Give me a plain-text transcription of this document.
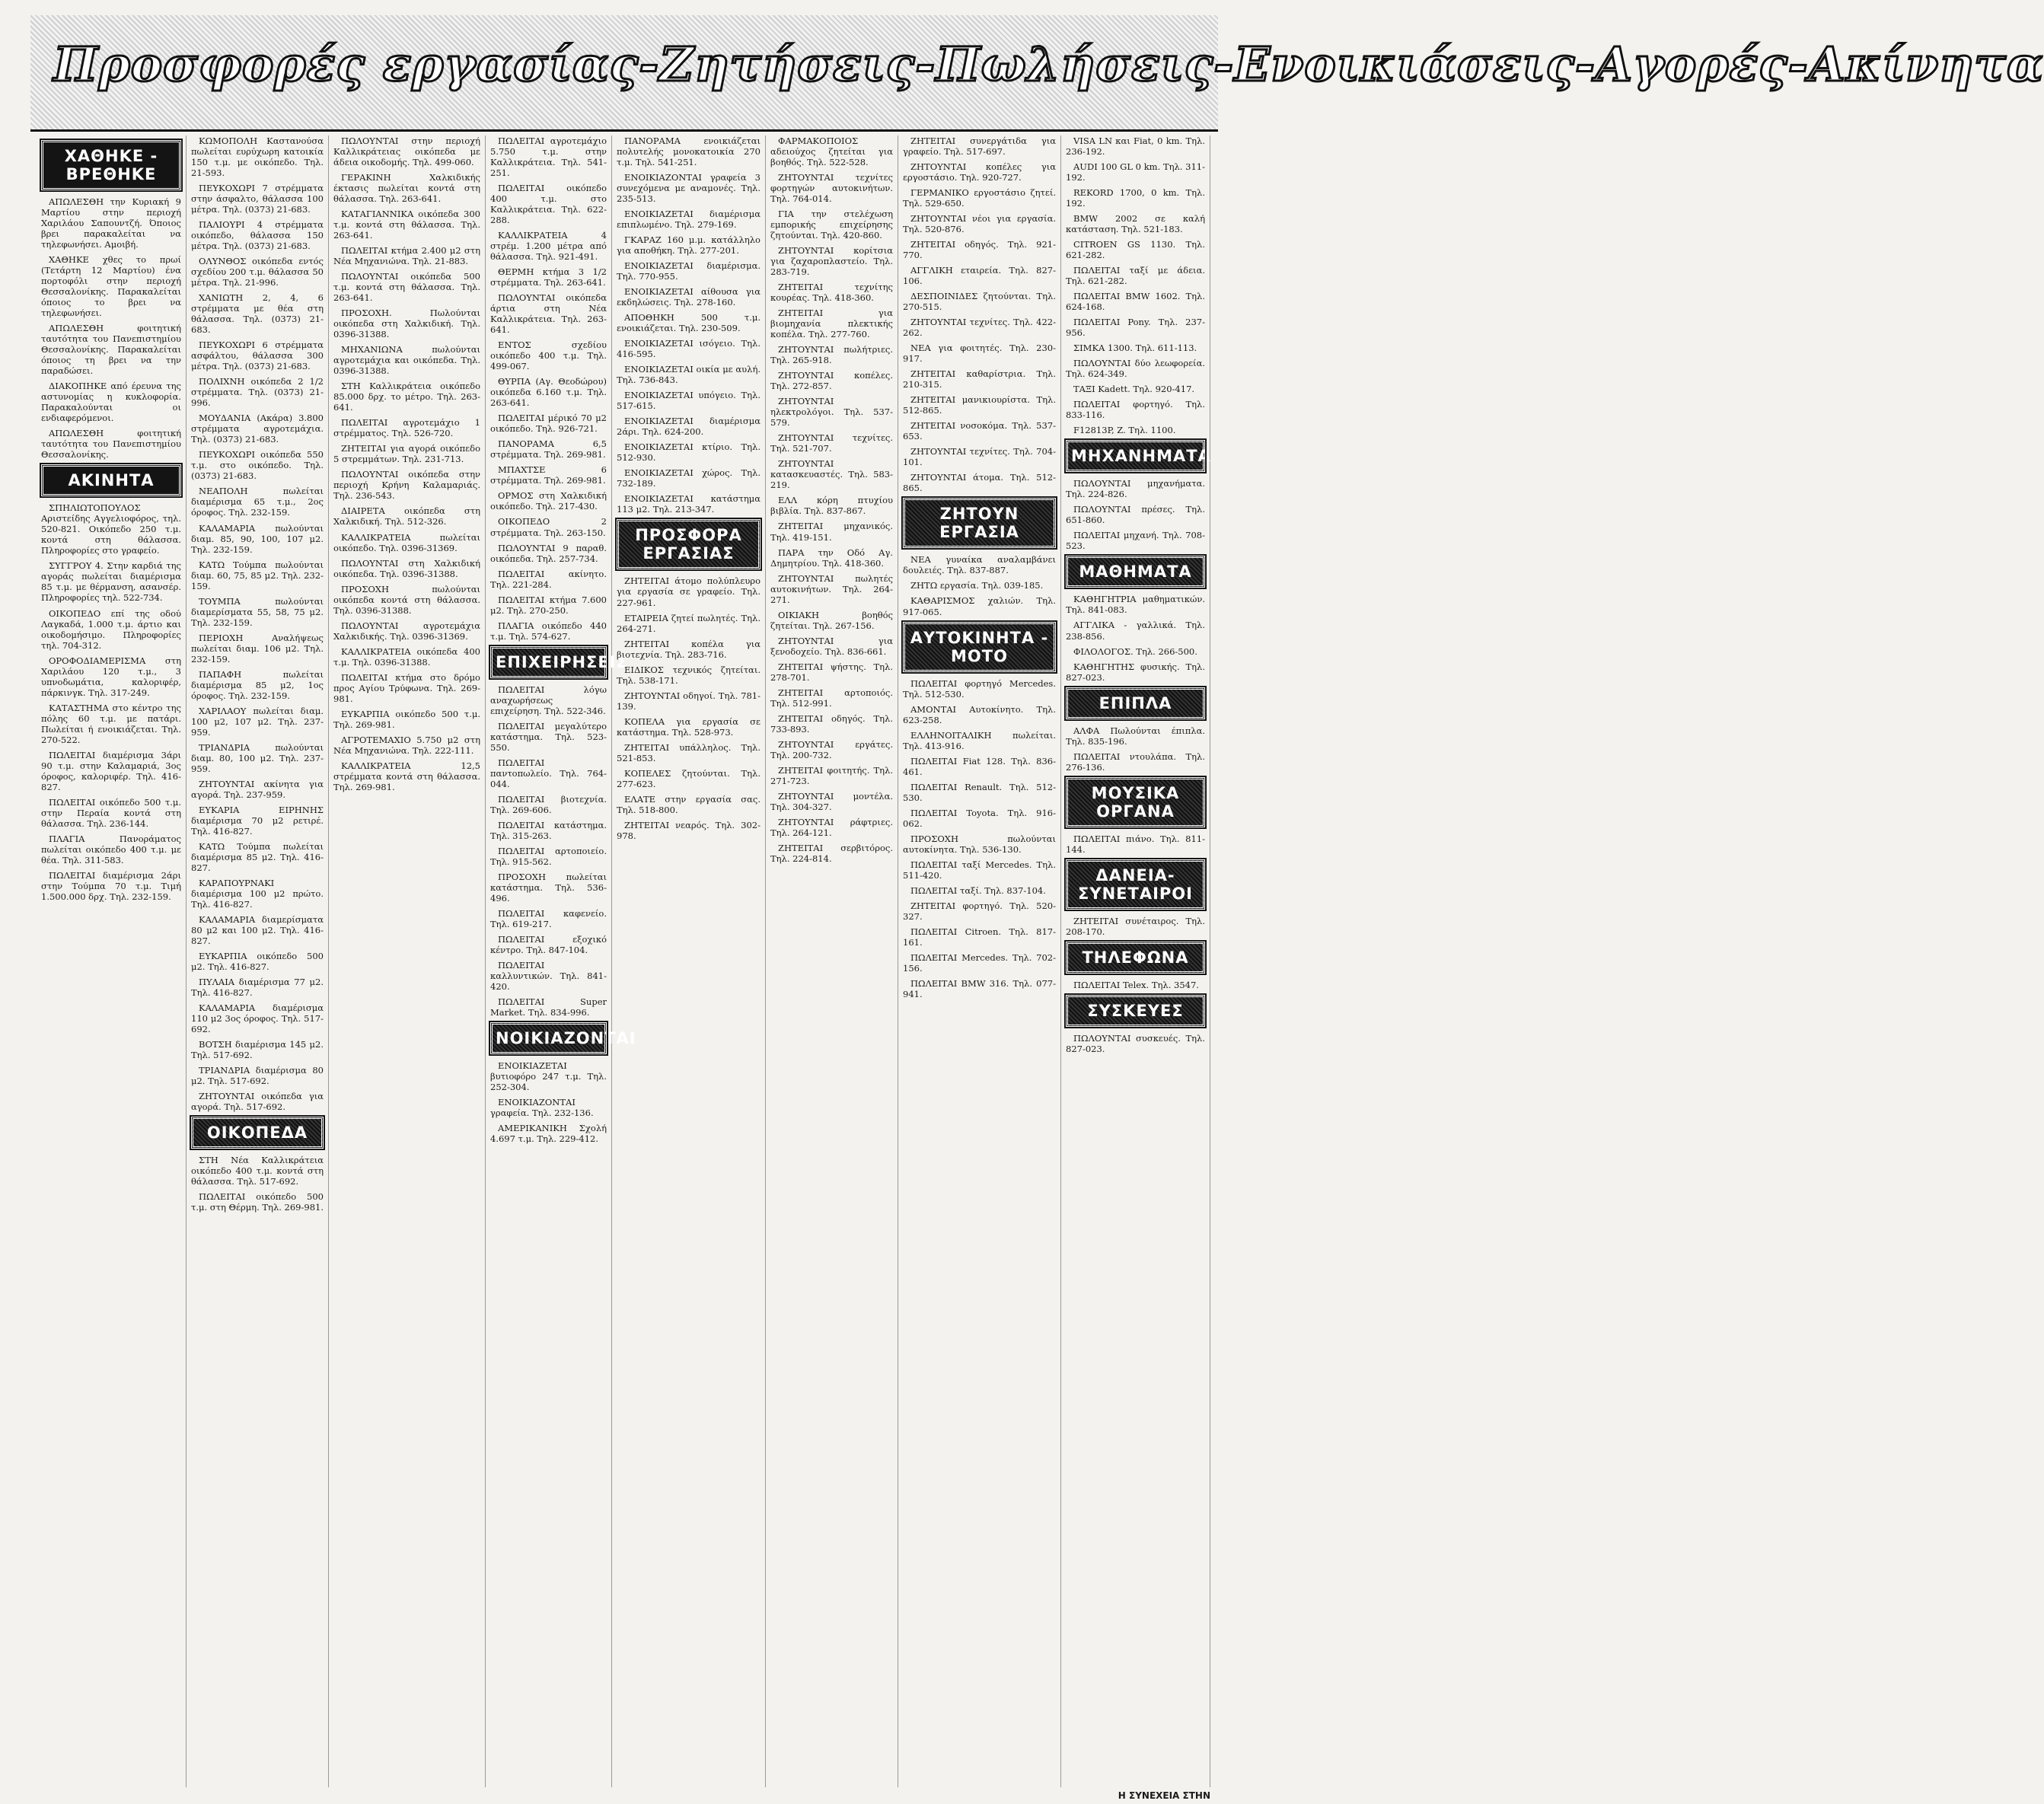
Προσφορές εργασίας-Ζητήσεις-Πωλήσεις-Ενοικιάσεις-Αγορές-Ακίνητα
ΧΑΘΗΚΕ - ΒΡΕΘΗΚΕ
ΑΠΩΛΕΣΘΗ την Κυριακή 9 Μαρτίου στην περιοχή Χαριλάου Σαπουντζή. Όποιος βρει παρακαλείται να τηλεφωνήσει. Αμοιβή.
ΧΑΘΗΚΕ χθες το πρωί (Τετάρτη 12 Μαρτίου) ένα πορτοφόλι στην περιοχή Θεσσαλονίκης. Παρακαλείται όποιος το βρει να τηλεφωνήσει.
ΑΠΩΛΕΣΘΗ φοιτητική ταυτότητα του Πανεπιστημίου Θεσσαλονίκης. Παρακαλείται όποιος τη βρει να την παραδώσει.
ΔΙΑΚΟΠΗΚΕ από έρευνα της αστυνομίας η κυκλοφορία. Παρακαλούνται οι ενδιαφερόμενοι.
ΑΠΩΛΕΣΘΗ φοιτητική ταυτότητα του Πανεπιστημίου Θεσσαλονίκης.
ΑΚΙΝΗΤΑ
ΣΠΗΛΙΩΤΟΠΟΥΛΟΣ Αριστείδης Αγγελιοφόρος, τηλ. 520-821. Οικόπεδο 250 τ.μ. κοντά στη θάλασσα. Πληροφορίες στο γραφείο.
ΣΥΓΓΡΟΥ 4. Στην καρδιά της αγοράς πωλείται διαμέρισμα 85 τ.μ. με θέρμανση, ασανσέρ. Πληροφορίες τηλ. 522-734.
ΟΙΚΟΠΕΔΟ επί της οδού Λαγκαδά, 1.000 τ.μ. άρτιο και οικοδομήσιμο. Πληροφορίες τηλ. 704-312.
ΟΡΟΦΟΔΙΑΜΕΡΙΣΜΑ στη Χαριλάου 120 τ.μ., 3 υπνοδωμάτια, καλοριφέρ, πάρκινγκ. Τηλ. 317-249.
ΚΑΤΑΣΤΗΜΑ στο κέντρο της πόλης 60 τ.μ. με πατάρι. Πωλείται ή ενοικιάζεται. Τηλ. 270-522.
ΠΩΛΕΙΤΑΙ διαμέρισμα 3άρι 90 τ.μ. στην Καλαμαριά, 3ος όροφος, καλοριφέρ. Τηλ. 416-827.
ΠΩΛΕΙΤΑΙ οικόπεδο 500 τ.μ. στην Περαία κοντά στη θάλασσα. Τηλ. 236-144.
ΠΛΑΓΙΑ Πανοράματος πωλείται οικόπεδο 400 τ.μ. με θέα. Τηλ. 311-583.
ΠΩΛΕΙΤΑΙ διαμέρισμα 2άρι στην Τούμπα 70 τ.μ. Τιμή 1.500.000 δρχ. Τηλ. 232-159.
ΚΩΜΟΠΟΛΗ Καστανούσα πωλείται ευρύχωρη κατοικία 150 τ.μ. με οικόπεδο. Τηλ. 21-593.
ΠΕΥΚΟΧΩΡΙ 7 στρέμματα στην άσφαλτο, θάλασσα 100 μέτρα. Τηλ. (0373) 21-683.
ΠΑΛΙΟΥΡΙ 4 στρέμματα οικόπεδο, θάλασσα 150 μέτρα. Τηλ. (0373) 21-683.
ΟΛΥΝΘΟΣ οικόπεδα εντός σχεδίου 200 τ.μ. θάλασσα 50 μέτρα. Τηλ. 21-996.
ΧΑΝΙΩΤΗ 2, 4, 6 στρέμματα με θέα στη θάλασσα. Τηλ. (0373) 21-683.
ΠΕΥΚΟΧΩΡΙ 6 στρέμματα ασφάλτου, θάλασσα 300 μέτρα. Τηλ. (0373) 21-683.
ΠΟΛΙΧΝΗ οικόπεδα 2 1/2 στρέμματα. Τηλ. (0373) 21-996.
ΜΟΥΔΑΝΙΑ (Ακάρα) 3.800 στρέμματα αγροτεμάχια. Τηλ. (0373) 21-683.
ΠΕΥΚΟΧΩΡΙ οικόπεδα 550 τ.μ. στο οικόπεδο. Τηλ. (0373) 21-683.
ΝΕΑΠΟΛΗ πωλείται διαμέρισμα 65 τ.μ., 2ος όροφος. Τηλ. 232-159.
ΚΑΛΑΜΑΡΙΑ πωλούνται διαμ. 85, 90, 100, 107 μ2. Τηλ. 232-159.
ΚΑΤΩ Τούμπα πωλούνται διαμ. 60, 75, 85 μ2. Τηλ. 232-159.
ΤΟΥΜΠΑ πωλούνται διαμερίσματα 55, 58, 75 μ2. Τηλ. 232-159.
ΠΕΡΙΟΧΗ Αναλήψεως πωλείται διαμ. 106 μ2. Τηλ. 232-159.
ΠΑΠΑΦΗ πωλείται διαμέρισμα 85 μ2, 1ος όροφος. Τηλ. 232-159.
ΧΑΡΙΛΑΟΥ πωλείται διαμ. 100 μ2, 107 μ2. Τηλ. 237-959.
ΤΡΙΑΝΔΡΙΑ πωλούνται διαμ. 80, 100 μ2. Τηλ. 237-959.
ΖΗΤΟΥΝΤΑΙ ακίνητα για αγορά. Τηλ. 237-959.
ΕΥΚΑΡΙΑ ΕΙΡΗΝΗΣ διαμέρισμα 70 μ2 ρετιρέ. Τηλ. 416-827.
ΚΑΤΩ Τούμπα πωλείται διαμέρισμα 85 μ2. Τηλ. 416-827.
ΚΑΡΑΠΟΥΡΝΑΚΙ διαμέρισμα 100 μ2 πρώτο. Τηλ. 416-827.
ΚΑΛΑΜΑΡΙΑ διαμερίσματα 80 μ2 και 100 μ2. Τηλ. 416-827.
ΕΥΚΑΡΠΙΑ οικόπεδο 500 μ2. Τηλ. 416-827.
ΠΥΛΑΙΑ διαμέρισμα 77 μ2. Τηλ. 416-827.
ΚΑΛΑΜΑΡΙΑ διαμέρισμα 110 μ2 3ος όροφος. Τηλ. 517-692.
ΒΟΤΣΗ διαμέρισμα 145 μ2. Τηλ. 517-692.
ΤΡΙΑΝΔΡΙΑ διαμέρισμα 80 μ2. Τηλ. 517-692.
ΖΗΤΟΥΝΤΑΙ οικόπεδα για αγορά. Τηλ. 517-692.
ΟΙΚΟΠΕΔΑ
ΣΤΗ Νέα Καλλικράτεια οικόπεδο 400 τ.μ. κοντά στη θάλασσα. Τηλ. 517-692.
ΠΩΛΕΙΤΑΙ οικόπεδο 500 τ.μ. στη Θέρμη. Τηλ. 269-981.
ΠΩΛΟΥΝΤΑΙ στην περιοχή Καλλικράτειας οικόπεδα με άδεια οικοδομής. Τηλ. 499-060.
ΓΕΡΑΚΙΝΗ Χαλκιδικής έκτασις πωλείται κοντά στη θάλασσα. Τηλ. 263-641.
ΚΑΤΑΓΙΑΝΝΙΚΑ οικόπεδα 300 τ.μ. κοντά στη θάλασσα. Τηλ. 263-641.
ΠΩΛΕΙΤΑΙ κτήμα 2.400 μ2 στη Νέα Μηχανιώνα. Τηλ. 21-883.
ΠΩΛΟΥΝΤΑΙ οικόπεδα 500 τ.μ. κοντά στη θάλασσα. Τηλ. 263-641.
ΠΡΟΣΟΧΗ. Πωλούνται οικόπεδα στη Χαλκιδική. Τηλ. 0396-31388.
ΜΗΧΑΝΙΩΝΑ πωλούνται αγροτεμάχια και οικόπεδα. Τηλ. 0396-31388.
ΣΤΗ Καλλικράτεια οικόπεδο 85.000 δρχ. το μέτρο. Τηλ. 263-641.
ΠΩΛΕΙΤΑΙ αγροτεμάχιο 1 στρέμματος. Τηλ. 526-720.
ΖΗΤΕΙΤΑΙ για αγορά οικόπεδο 5 στρεμμάτων. Τηλ. 231-713.
ΠΩΛΟΥΝΤΑΙ οικόπεδα στην περιοχή Κρήνη Καλαμαριάς. Τηλ. 236-543.
ΔΙΑΙΡΕΤΑ οικόπεδα στη Χαλκιδική. Τηλ. 512-326.
ΚΑΛΛΙΚΡΑΤΕΙΑ πωλείται οικόπεδο. Τηλ. 0396-31369.
ΠΩΛΟΥΝΤΑΙ στη Χαλκιδική οικόπεδα. Τηλ. 0396-31388.
ΠΡΟΣΟΧΗ πωλούνται οικόπεδα κοντά στη θάλασσα. Τηλ. 0396-31388.
ΠΩΛΟΥΝΤΑΙ αγροτεμάχια Χαλκιδικής. Τηλ. 0396-31369.
ΚΑΛΛΙΚΡΑΤΕΙΑ οικόπεδα 400 τ.μ. Τηλ. 0396-31388.
ΠΩΛΕΙΤΑΙ κτήμα στο δρόμο προς Αγίου Τρύφωνα. Τηλ. 269-981.
ΕΥΚΑΡΠΙΑ οικόπεδο 500 τ.μ. Τηλ. 269-981.
ΑΓΡΟΤΕΜΑΧΙΟ 5.750 μ2 στη Νέα Μηχανιώνα. Τηλ. 222-111.
ΚΑΛΛΙΚΡΑΤΕΙΑ 12,5 στρέμματα κοντά στη θάλασσα. Τηλ. 269-981.
ΠΩΛΕΙΤΑΙ αγροτεμάχιο 5.750 τ.μ. στην Καλλικράτεια. Τηλ. 541-251.
ΠΩΛΕΙΤΑΙ οικόπεδο 400 τ.μ. στο Καλλικράτεια. Τηλ. 622-288.
ΚΑΛΛΙΚΡΑΤΕΙΑ 4 στρέμ. 1.200 μέτρα από θάλασσα. Τηλ. 921-491.
ΘΕΡΜΗ κτήμα 3 1/2 στρέμματα. Τηλ. 263-641.
ΠΩΛΟΥΝΤΑΙ οικόπεδα άρτια στη Νέα Καλλικράτεια. Τηλ. 263-641.
ΕΝΤΟΣ σχεδίου οικόπεδο 400 τ.μ. Τηλ. 499-067.
ΘΥΡΠΑ (Αγ. Θεοδώρου) οικόπεδα 6.160 τ.μ. Τηλ. 263-641.
ΠΩΛΕΙΤΑΙ μέρικό 70 μ2 οικόπεδο. Τηλ. 926-721.
ΠΑΝΟΡΑΜΑ 6,5 στρέμματα. Τηλ. 269-981.
ΜΠΑΧΤΣΕ 6 στρέμματα. Τηλ. 269-981.
ΟΡΜΟΣ στη Χαλκιδική οικόπεδο. Τηλ. 217-430.
ΟΙΚΟΠΕΔΟ 2 στρέμματα. Τηλ. 263-150.
ΠΩΛΟΥΝΤΑΙ 9 παραθ. οικόπεδα. Τηλ. 257-734.
ΠΩΛΕΙΤΑΙ ακίνητο. Τηλ. 221-284.
ΠΩΛΕΙΤΑΙ κτήμα 7.600 μ2. Τηλ. 270-250.
ΠΛΑΓΙΑ οικόπεδο 440 τ.μ. Τηλ. 574-627.
ΕΠΙΧΕΙΡΗΣΕΙΣ
ΠΩΛΕΙΤΑΙ λόγω αναχωρήσεως επιχείρηση. Τηλ. 522-346.
ΠΩΛΕΙΤΑΙ μεγαλύτερο κατάστημα. Τηλ. 523-550.
ΠΩΛΕΙΤΑΙ παντοπωλείο. Τηλ. 764-044.
ΠΩΛΕΙΤΑΙ βιοτεχνία. Τηλ. 269-606.
ΠΩΛΕΙΤΑΙ κατάστημα. Τηλ. 315-263.
ΠΩΛΕΙΤΑΙ αρτοποιείο. Τηλ. 915-562.
ΠΡΟΣΟΧΗ πωλείται κατάστημα. Τηλ. 536-496.
ΠΩΛΕΙΤΑΙ καφενείο. Τηλ. 619-217.
ΠΩΛΕΙΤΑΙ εξοχικό κέντρο. Τηλ. 847-104.
ΠΩΛΕΙΤΑΙ καλλυντικών. Τηλ. 841-420.
ΠΩΛΕΙΤΑΙ Super Market. Τηλ. 834-996.
ΝΟΙΚΙΑΖΟΝΤΑΙ
ΕΝΟΙΚΙΑΖΕΤΑΙ βυτιοφόρο 247 τ.μ. Τηλ. 252-304.
ΕΝΟΙΚΙΑΖΟΝΤΑΙ γραφεία. Τηλ. 232-136.
ΑΜΕΡΙΚΑΝΙΚΗ Σχολή 4.697 τ.μ. Τηλ. 229-412.
ΠΑΝΟΡΑΜΑ ενοικιάζεται πολυτελής μονοκατοικία 270 τ.μ. Τηλ. 541-251.
ΕΝΟΙΚΙΑΖΟΝΤΑΙ γραφεία 3 συνεχόμενα με αναμονές. Τηλ. 235-513.
ΕΝΟΙΚΙΑΖΕΤΑΙ διαμέρισμα επιπλωμένο. Τηλ. 279-169.
ΓΚΑΡΑΖ 160 μ.μ. κατάλληλο για αποθήκη. Τηλ. 277-201.
ΕΝΟΙΚΙΑΖΕΤΑΙ διαμέρισμα. Τηλ. 770-955.
ΕΝΟΙΚΙΑΖΕΤΑΙ αίθουσα για εκδηλώσεις. Τηλ. 278-160.
ΑΠΟΘΗΚΗ 500 τ.μ. ενοικιάζεται. Τηλ. 230-509.
ΕΝΟΙΚΙΑΖΕΤΑΙ ισόγειο. Τηλ. 416-595.
ΕΝΟΙΚΙΑΖΕΤΑΙ οικία με αυλή. Τηλ. 736-843.
ΕΝΟΙΚΙΑΖΕΤΑΙ υπόγειο. Τηλ. 517-615.
ΕΝΟΙΚΙΑΖΕΤΑΙ διαμέρισμα 2άρι. Τηλ. 624-200.
ΕΝΟΙΚΙΑΖΕΤΑΙ κτίριο. Τηλ. 512-930.
ΕΝΟΙΚΙΑΖΕΤΑΙ χώρος. Τηλ. 732-189.
ΕΝΟΙΚΙΑΖΕΤΑΙ κατάστημα 113 μ2. Τηλ. 213-347.
ΠΡΟΣΦΟΡΑ ΕΡΓΑΣΙΑΣ
ΖΗΤΕΙΤΑΙ άτομο πολύπλευρο για εργασία σε γραφείο. Τηλ. 227-961.
ΕΤΑΙΡΕΙΑ ζητεί πωλητές. Τηλ. 264-271.
ΖΗΤΕΙΤΑΙ κοπέλα για βιοτεχνία. Τηλ. 283-716.
ΕΙΔΙΚΟΣ τεχνικός ζητείται. Τηλ. 538-171.
ΖΗΤΟΥΝΤΑΙ οδηγοί. Τηλ. 781-139.
ΚΟΠΕΛΑ για εργασία σε κατάστημα. Τηλ. 528-973.
ΖΗΤΕΙΤΑΙ υπάλληλος. Τηλ. 521-853.
ΚΟΠΕΛΕΣ ζητούνται. Τηλ. 277-623.
ΕΛΑΤΕ στην εργασία σας. Τηλ. 518-800.
ΖΗΤΕΙΤΑΙ νεαρός. Τηλ. 302-978.
ΦΑΡΜΑΚΟΠΟΙΟΣ αδειούχος ζητείται για βοηθός. Τηλ. 522-528.
ΖΗΤΟΥΝΤΑΙ τεχνίτες φορτηγών αυτοκινήτων. Τηλ. 764-014.
ΓΙΑ την στελέχωση εμπορικής επιχείρησης ζητούνται. Τηλ. 420-860.
ΖΗΤΟΥΝΤΑΙ κορίτσια για ζαχαροπλαστείο. Τηλ. 283-719.
ΖΗΤΕΙΤΑΙ τεχνίτης κουρέας. Τηλ. 418-360.
ΖΗΤΕΙΤΑΙ για βιομηχανία πλεκτικής κοπέλα. Τηλ. 277-760.
ΖΗΤΟΥΝΤΑΙ πωλήτριες. Τηλ. 265-918.
ΖΗΤΟΥΝΤΑΙ κοπέλες. Τηλ. 272-857.
ΖΗΤΟΥΝΤΑΙ ηλεκτρολόγοι. Τηλ. 537-579.
ΖΗΤΟΥΝΤΑΙ τεχνίτες. Τηλ. 521-707.
ΖΗΤΟΥΝΤΑΙ κατασκευαστές. Τηλ. 583-219.
ΕΛΛ κόρη πτυχίου βιβλία. Τηλ. 837-867.
ΖΗΤΕΙΤΑΙ μηχανικός. Τηλ. 419-151.
ΠΑΡΑ την Οδό Αγ. Δημητρίου. Τηλ. 418-360.
ΖΗΤΟΥΝΤΑΙ πωλητές αυτοκινήτων. Τηλ. 264-271.
ΟΙΚΙΑΚΗ βοηθός ζητείται. Τηλ. 267-156.
ΖΗΤΟΥΝΤΑΙ για ξενοδοχείο. Τηλ. 836-661.
ΖΗΤΕΙΤΑΙ ψήστης. Τηλ. 278-701.
ΖΗΤΕΙΤΑΙ αρτοποιός. Τηλ. 512-991.
ΖΗΤΕΙΤΑΙ οδηγός. Τηλ. 733-893.
ΖΗΤΟΥΝΤΑΙ εργάτες. Τηλ. 200-732.
ΖΗΤΕΙΤΑΙ φοιτητής. Τηλ. 271-723.
ΖΗΤΟΥΝΤΑΙ μοντέλα. Τηλ. 304-327.
ΖΗΤΟΥΝΤΑΙ ράφτριες. Τηλ. 264-121.
ΖΗΤΕΙΤΑΙ σερβιτόρος. Τηλ. 224-814.
ΖΗΤΕΙΤΑΙ συνεργάτιδα για γραφείο. Τηλ. 517-697.
ΖΗΤΟΥΝΤΑΙ κοπέλες για εργοστάσιο. Τηλ. 920-727.
ΓΕΡΜΑΝΙΚΟ εργοστάσιο ζητεί. Τηλ. 529-650.
ΖΗΤΟΥΝΤΑΙ νέοι για εργασία. Τηλ. 520-876.
ΖΗΤΕΙΤΑΙ οδηγός. Τηλ. 921-770.
ΑΓΓΛΙΚΗ εταιρεία. Τηλ. 827-106.
ΔΕΣΠΟΙΝΙΔΕΣ ζητούνται. Τηλ. 270-515.
ΖΗΤΟΥΝΤΑΙ τεχνίτες. Τηλ. 422-262.
ΝΕΑ για φοιτητές. Τηλ. 230-917.
ΖΗΤΕΙΤΑΙ καθαρίστρια. Τηλ. 210-315.
ΖΗΤΕΙΤΑΙ μανικιουρίστα. Τηλ. 512-865.
ΖΗΤΕΙΤΑΙ νοσοκόμα. Τηλ. 537-653.
ΖΗΤΟΥΝΤΑΙ τεχνίτες. Τηλ. 704-101.
ΖΗΤΟΥΝΤΑΙ άτομα. Τηλ. 512-865.
ΖΗΤΟΥΝ ΕΡΓΑΣΙΑ
ΝΕΑ γυναίκα αναλαμβάνει δουλειές. Τηλ. 837-887.
ΖΗΤΩ εργασία. Τηλ. 039-185.
ΚΑΘΑΡΙΣΜΟΣ χαλιών. Τηλ. 917-065.
ΑΥΤΟΚΙΝΗΤΑ - ΜΟΤΟ
ΠΩΛΕΙΤΑΙ φορτηγό Mercedes. Τηλ. 512-530.
ΑΜΟΝΤΑΙ Αυτοκίνητο. Τηλ. 623-258.
ΕΛΛΗΝΟΙΤΑΛΙΚΗ πωλείται. Τηλ. 413-916.
ΠΩΛΕΙΤΑΙ Fiat 128. Τηλ. 836-461.
ΠΩΛΕΙΤΑΙ Renault. Τηλ. 512-530.
ΠΩΛΕΙΤΑΙ Toyota. Τηλ. 916-062.
ΠΡΟΣΟΧΗ πωλούνται αυτοκίνητα. Τηλ. 536-130.
ΠΩΛΕΙΤΑΙ ταξί Mercedes. Τηλ. 511-420.
ΠΩΛΕΙΤΑΙ ταξί. Τηλ. 837-104.
ΖΗΤΕΙΤΑΙ φορτηγό. Τηλ. 520-327.
ΠΩΛΕΙΤΑΙ Citroen. Τηλ. 817-161.
ΠΩΛΕΙΤΑΙ Mercedes. Τηλ. 702-156.
ΠΩΛΕΙΤΑΙ BMW 316. Τηλ. 077-941.
VISA LN και Fiat, 0 km. Τηλ. 236-192.
AUDI 100 GL 0 km. Τηλ. 311-192.
REKORD 1700, 0 km. Τηλ. 192.
BMW 2002 σε καλή κατάσταση. Τηλ. 521-183.
CITROEN GS 1130. Τηλ. 621-282.
ΠΩΛΕΙΤΑΙ ταξί με άδεια. Τηλ. 621-282.
ΠΩΛΕΙΤΑΙ BMW 1602. Τηλ. 624-168.
ΠΩΛΕΙΤΑΙ Pony. Τηλ. 237-956.
ΣΙΜΚΑ 1300. Τηλ. 611-113.
ΠΩΛΟΥΝΤΑΙ δύο λεωφορεία. Τηλ. 624-349.
ΤΑΞΙ Kadett. Τηλ. 920-417.
ΠΩΛΕΙΤΑΙ φορτηγό. Τηλ. 833-116.
F12813P, Z. Τηλ. 1100.
ΜΗΧΑΝΗΜΑΤΑ
ΠΩΛΟΥΝΤΑΙ μηχανήματα. Τηλ. 224-826.
ΠΩΛΟΥΝΤΑΙ πρέσες. Τηλ. 651-860.
ΠΩΛΕΙΤΑΙ μηχανή. Τηλ. 708-523.
ΜΑΘΗΜΑΤΑ
ΚΑΘΗΓΗΤΡΙΑ μαθηματικών. Τηλ. 841-083.
ΑΓΓΛΙΚΑ - γαλλικά. Τηλ. 238-856.
ΦΙΛΟΛΟΓΟΣ. Τηλ. 266-500.
ΚΑΘΗΓΗΤΗΣ φυσικής. Τηλ. 827-023.
ΕΠΙΠΛΑ
ΑΛΦΑ Πωλούνται έπιπλα. Τηλ. 835-196.
ΠΩΛΕΙΤΑΙ ντουλάπα. Τηλ. 276-136.
ΜΟΥΣΙΚΑ ΟΡΓΑΝΑ
ΠΩΛΕΙΤΑΙ πιάνο. Τηλ. 811-144.
ΔΑΝΕΙΑ-ΣΥΝΕΤΑΙΡΟΙ
ΖΗΤΕΙΤΑΙ συνέταιρος. Τηλ. 208-170.
ΤΗΛΕΦΩΝΑ
ΠΩΛΕΙΤΑΙ Telex. Τηλ. 3547.
ΣΥΣΚΕΥΕΣ
ΠΩΛΟΥΝΤΑΙ συσκευές. Τηλ. 827-023.
Η ΣΥΝΕΧΕΙΑ ΣΤΗΝ
